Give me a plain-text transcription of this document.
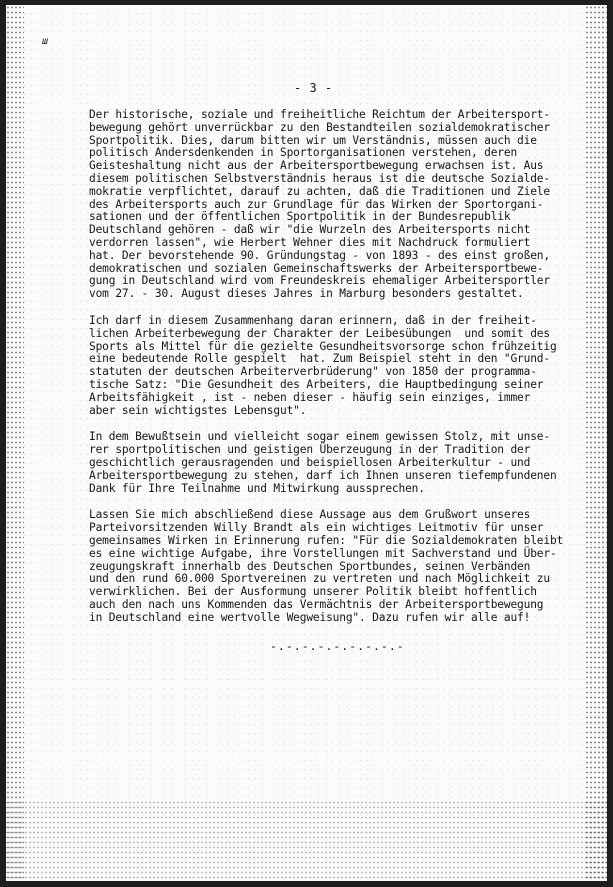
ш
- 3 -
Der historische, soziale und freiheitliche Reichtum der Arbeitersport-
bewegung gehört unverrückbar zu den Bestandteilen sozialdemokratischer
Sportpolitik. Dies, darum bitten wir um Verständnis, müssen auch die
politisch Andersdenkenden in Sportorganisationen verstehen, deren
Geisteshaltung nicht aus der Arbeitersportbewegung erwachsen ist. Aus
diesem politischen Selbstverständnis heraus ist die deutsche Sozialde-
mokratie verpflichtet, darauf zu achten, daß die Traditionen und Ziele
des Arbeitersports auch zur Grundlage für das Wirken der Sportorgani-
sationen und der öffentlichen Sportpolitik in der Bundesrepublik
Deutschland gehören - daß wir "die Wurzeln des Arbeitersports nicht
verdorren lassen", wie Herbert Wehner dies mit Nachdruck formuliert
hat. Der bevorstehende 90. Gründungstag - von 1893 - des einst großen,
demokratischen und sozialen Gemeinschaftswerks der Arbeitersportbewe-
gung in Deutschland wird vom Freundeskreis ehemaliger Arbeitersportler
vom 27. - 30. August dieses Jahres in Marburg besonders gestaltet.
Ich darf in diesem Zusammenhang daran erinnern, daß in der freiheit-
lichen Arbeiterbewegung der Charakter der Leibesübungen  und somit des
Sports als Mittel für die gezielte Gesundheitsvorsorge schon frühzeitig
eine bedeutende Rolle gespielt  hat. Zum Beispiel steht in den "Grund-
statuten der deutschen Arbeiterverbrüderung" von 1850 der programma-
tische Satz: "Die Gesundheit des Arbeiters, die Hauptbedingung seiner
Arbeitsfähigkeit , ist - neben dieser - häufig sein einziges, immer
aber sein wichtigstes Lebensgut".
In dem Bewußtsein und vielleicht sogar einem gewissen Stolz, mit unse-
rer sportpolitischen und geistigen Überzeugung in der Tradition der
geschichtlich gerausragenden und beispiellosen Arbeiterkultur - und
Arbeitersportbewegung zu stehen, darf ich Ihnen unseren tiefempfundenen
Dank für Ihre Teilnahme und Mitwirkung aussprechen.
Lassen Sie mich abschließend diese Aussage aus dem Grußwort unseres
Parteivorsitzenden Willy Brandt als ein wichtiges Leitmotiv für unser
gemeinsames Wirken in Erinnerung rufen: "Für die Sozialdemokraten bleibt
es eine wichtige Aufgabe, ihre Vorstellungen mit Sachverstand und Über-
zeugungskraft innerhalb des Deutschen Sportbundes, seinen Verbänden
und den rund 60.000 Sportvereinen zu vertreten und nach Möglichkeit zu
verwirklichen. Bei der Ausformung unserer Politik bleibt hoffentlich
auch den nach uns Kommenden das Vermächtnis der Arbeitersportbewegung
in Deutschland eine wertvolle Wegweisung". Dazu rufen wir alle auf!
-.-.-.-.-.-.-.-.-
